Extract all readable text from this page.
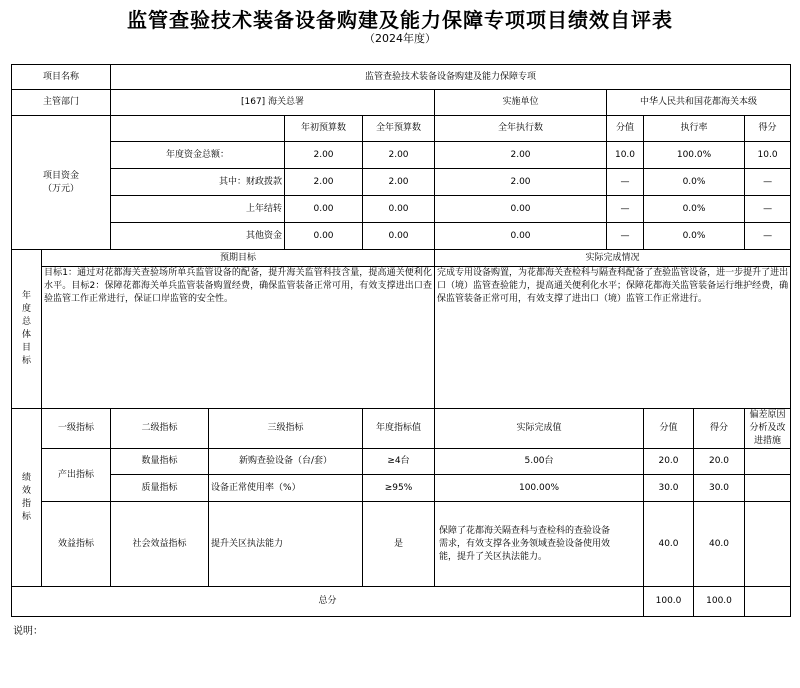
监管查验技术装备设备购建及能力保障专项项目绩效自评表
（2024年度）
项目名称		监管查验技术装备设备购建及能力保障专项								
主管部门		[167] 海关总署				实施单位	中华人民共和国花都海关本级			

项目资金
（万元）				年初预算数	全年预算数	全年执行数	分值	执行率		得分
		年度资金总额：		2.00	2.00	2.00	10.0	100.0%		10.0
		其中：财政拨款		2.00	2.00	2.00	—	0.0%		—
		上年结转		0.00	0.00	0.00	—	0.0%		—
		其他资金		0.00	0.00	0.00	—	0.0%		—

年度总体目标	预期目标					实际完成情况				
	目标1：通过对花都海关查验场所单兵监管设备的配备，提升海关监管科技含量，提高通关便利化水平。目标2：保障花都海关单兵监管装备购置经费，确保监管装备正常可用，有效支撑进出口查验监管工作正常进行，保证口岸监管的安全性。					完成专用设备购置，为花都海关查检科与隔查科配备了查验监管设备，进一步提升了进出口（境）监管查验能力，提高通关便利化水平；保障花都海关监管装备运行维护经费，确保监管装备正常可用，有效支撑了进出口（境）监管工作正常进行。				

绩效指标	一级指标	二级指标	三级指标		年度指标值	实际完成值		分值	得分	偏差原因分析及改进措施
	产出指标	数量指标	新购查验设备（台/套）		≥4台	5.00台		20.0	20.0	
		质量指标	设备正常使用率（%）		≥95%	100.00%		30.0	30.0	
	效益指标	社会效益指标	提升关区执法能力		是	保障了花都海关隔查科与查检科的查验设备需求，有效支撑各业务领域查验设备使用效能，提升了关区执法能力。		40.0	40.0	
总分								100.0	100.0	
说明：
